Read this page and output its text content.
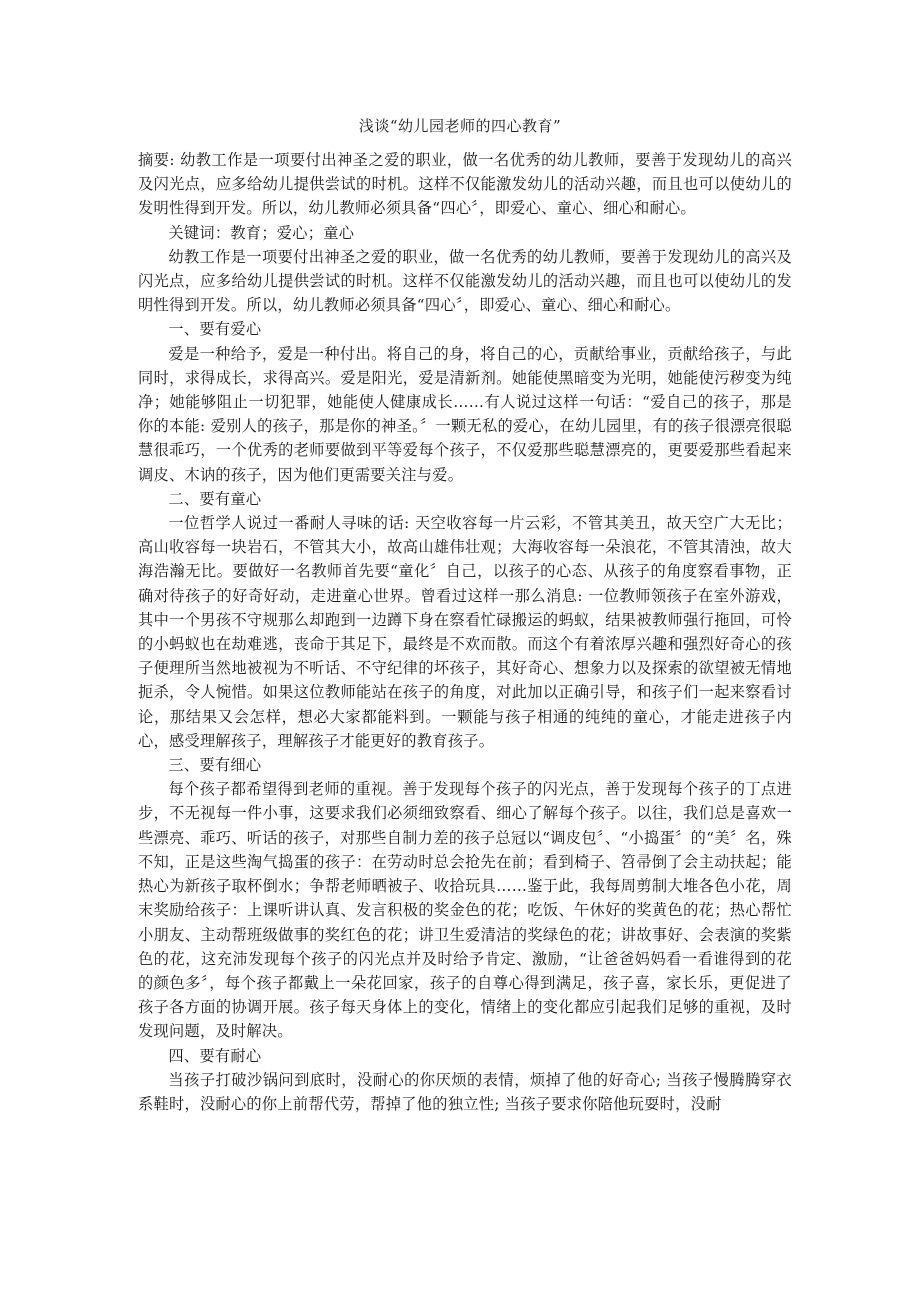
浅谈“幼儿园老师的四心教育”

摘要: 幼教工作是一项要付出神圣之爱的职业，做一名优秀的幼儿教师，要善于发现幼儿的高兴及闪光点，应多给幼儿提供尝试的时机。这样不仅能激发幼儿的活动兴趣，而且也可以使幼儿的发明性得到开发。所以，幼儿教师必须具备“四心〞，即爱心、童心、细心和耐心。

关键词：教育；爱心；童心

幼教工作是一项要付出神圣之爱的职业，做一名优秀的幼儿教师，要善于发现幼儿的高兴及闪光点，应多给幼儿提供尝试的时机。这样不仅能激发幼儿的活动兴趣，而且也可以使幼儿的发明性得到开发。所以，幼儿教师必须具备“四心〞，即爱心、童心、细心和耐心。

一、要有爱心

爱是一种给予，爱是一种付出。将自己的身，将自己的心，贡献给事业，贡献给孩子，与此同时，求得成长，求得高兴。爱是阳光，爱是清新剂。她能使黑暗变为光明，她能使污秽变为纯净；她能够阻止一切犯罪，她能使人健康成长……有人说过这样一句话：“爱自己的孩子，那是你的本能: 爱别人的孩子，那是你的神圣。〞一颗无私的爱心，在幼儿园里，有的孩子很漂亮很聪慧很乖巧，一个优秀的老师要做到平等爱每个孩子，不仅爱那些聪慧漂亮的，更要爱那些看起来调皮、木讷的孩子，因为他们更需要关注与爱。

二、要有童心

一位哲学人说过一番耐人寻味的话: 天空收容每一片云彩，不管其美丑，故天空广大无比；高山收容每一块岩石，不管其大小，故高山雄伟壮观；大海收容每一朵浪花，不管其清浊，故大海浩瀚无比。要做好一名教师首先要“童化〞自己，以孩子的心态、从孩子的角度察看事物，正确对待孩子的好奇好动，走进童心世界。曾看过这样一那么消息: 一位教师领孩子在室外游戏，其中一个男孩不守规那么却跑到一边蹲下身在察看忙碌搬运的蚂蚁，结果被教师强行拖回，可怜的小蚂蚁也在劫难逃，丧命于其足下，最终是不欢而散。而这个有着浓厚兴趣和强烈好奇心的孩子便理所当然地被视为不听话、不守纪律的坏孩子，其好奇心、想象力以及探索的欲望被无情地扼杀，令人惋惜。如果这位教师能站在孩子的角度，对此加以正确引导，和孩子们一起来察看讨论，那结果又会怎样，想必大家都能料到。一颗能与孩子相通的纯纯的童心，才能走进孩子内心，感受理解孩子，理解孩子才能更好的教育孩子。

三、要有细心

每个孩子都希望得到老师的重视。善于发现每个孩子的闪光点，善于发现每个孩子的丁点进步，不无视每一件小事，这要求我们必须细致察看、细心了解每个孩子。以往，我们总是喜欢一些漂亮、乖巧、听话的孩子，对那些自制力差的孩子总冠以“调皮包〞、“小捣蛋〞的“美〞名，殊不知，正是这些淘气捣蛋的孩子：在劳动时总会抢先在前；看到椅子、笤帚倒了会主动扶起；能热心为新孩子取杯倒水；争帮老师晒被子、收拾玩具……鉴于此，我每周剪制大堆各色小花，周末奖励给孩子：上课听讲认真、发言积极的奖金色的花；吃饭、午休好的奖黄色的花；热心帮忙小朋友、主动帮班级做事的奖红色的花；讲卫生爱清洁的奖绿色的花；讲故事好、会表演的奖紫色的花，这充沛发现每个孩子的闪光点并及时给予肯定、激励，“让爸爸妈妈看一看谁得到的花的颜色多〞，每个孩子都戴上一朵花回家，孩子的自尊心得到满足，孩子喜，家长乐，更促进了孩子各方面的协调开展。孩子每天身体上的变化，情绪上的变化都应引起我们足够的重视，及时发现问题，及时解决。

四、要有耐心

当孩子打破沙锅问到底时，没耐心的你厌烦的表情，烦掉了他的好奇心; 当孩子慢腾腾穿衣系鞋时，没耐心的你上前帮代劳，帮掉了他的独立性; 当孩子要求你陪他玩耍时，没耐
